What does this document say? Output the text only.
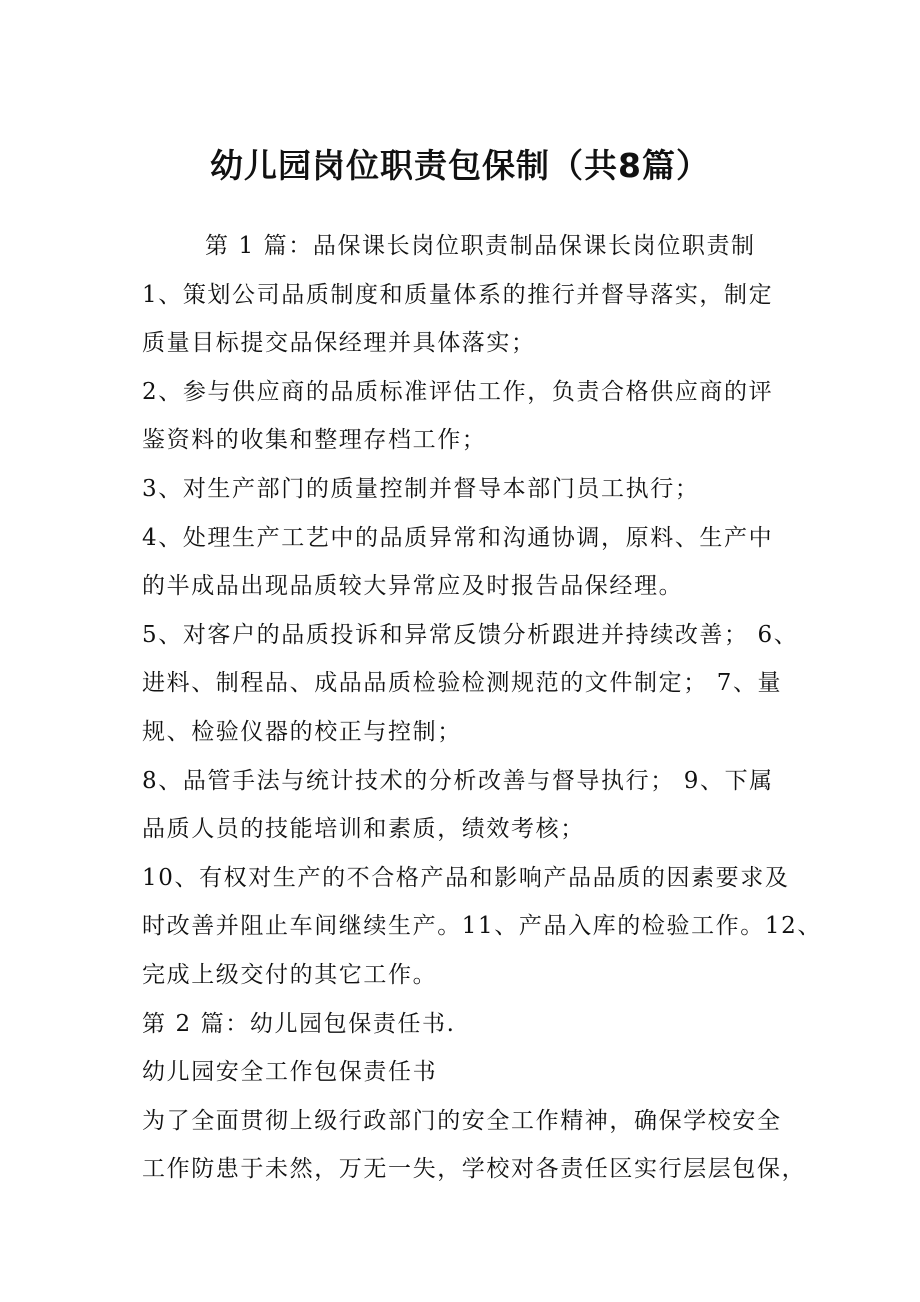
幼儿园岗位职责包保制（共8篇）
第 1 篇：品保课长岗位职责制品保课长岗位职责制
1、策划公司品质制度和质量体系的推行并督导落实，制定
质量目标提交品保经理并具体落实；
2、参与供应商的品质标准评估工作，负责合格供应商的评
鉴资料的收集和整理存档工作；
3、对生产部门的质量控制并督导本部门员工执行；
4、处理生产工艺中的品质异常和沟通协调，原料、生产中
的半成品出现品质较大异常应及时报告品保经理。
5、对客户的品质投诉和异常反馈分析跟进并持续改善； 6、
进料、制程品、成品品质检验检测规范的文件制定； 7、量
规、检验仪器的校正与控制；
8、品管手法与统计技术的分析改善与督导执行； 9、下属
品质人员的技能培训和素质，绩效考核；
10、有权对生产的不合格产品和影响产品品质的因素要求及
时改善并阻止车间继续生产。11、产品入库的检验工作。12、
完成上级交付的其它工作。
第 2 篇：幼儿园包保责任书.
幼儿园安全工作包保责任书
为了全面贯彻上级行政部门的安全工作精神，确保学校安全
工作防患于未然，万无一失，学校对各责任区实行层层包保，
